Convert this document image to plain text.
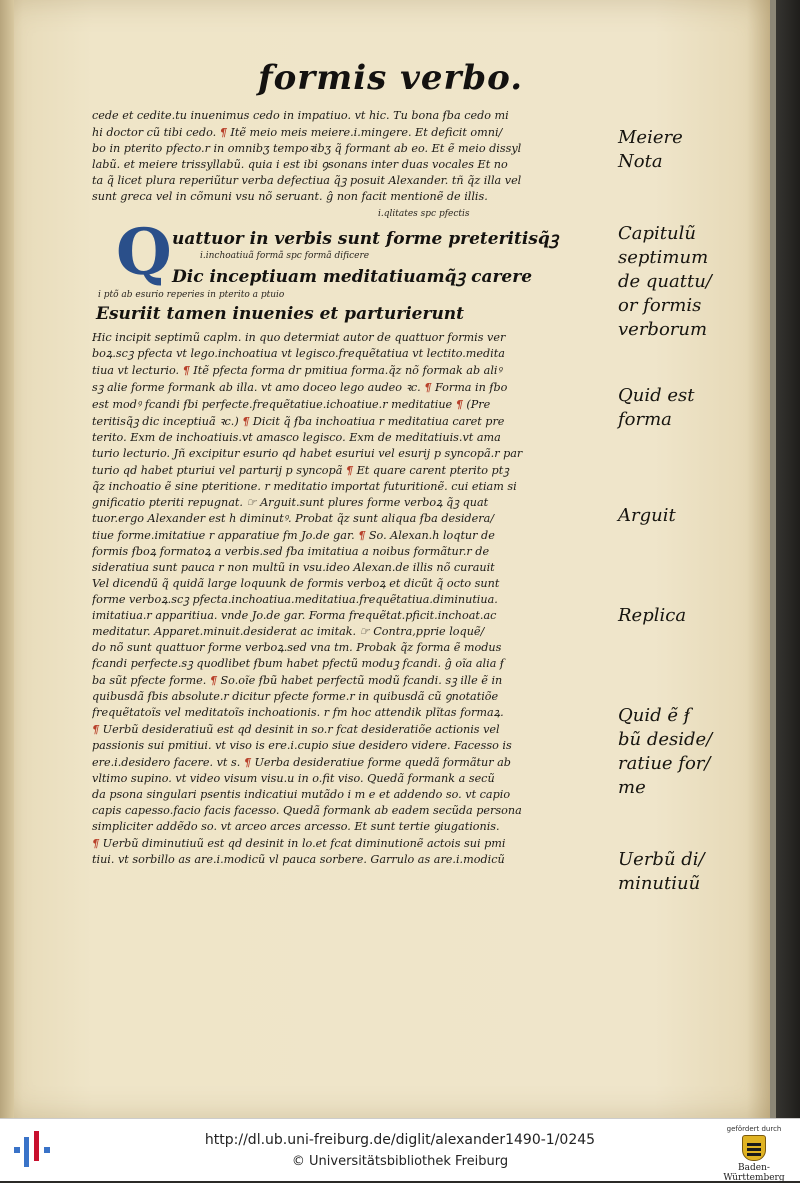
formis verbo.
cede et cedite.tu inuenimus cedo in impatiuo. vt hic. Tu bona ẜba cedo mi
hi doctor cũ tibi cedo. ¶ Itẽ meio meis meiere.i.mingere. Et deficit omni/
bo in pterito pfecto.r in omnibʒ tempoꝛibʒ q̃ formant ab eo. Et ẽ meio dissyl
labũ. et meiere trissyllabũ. quia i est ibi ꝯsonans inter duas vocales Et no
ta q̃ licet plura reperiũtur verba defectiua q̃ꝫ posuit Alexander. tñ q̃z illa vel
sunt greca vel in cõmuni vsu nõ seruant. ĝ non facit mentionẽ de illis.
i.qlitates spc pfectis
Q uattuor in verbis sunt forme preteritisq̃ꝫ
i.inchoatiuã formã spc formã dificere
Dic inceptiuam meditatiuamq̃ꝫ carere
i ptõ ab esurio reperies in pterito a ptuio
Esuriit tamen inuenies et parturierunt
Hic incipit septimũ caplm. in quo determiat autor de quattuor formis ver
boꝝ.scꝫ pfecta vt lego.inchoatiua vt legisco.frequẽtatiua vt lectito.medita
tiua vt lecturio. ¶ Itẽ pfecta forma dr pmitiua forma.q̃z nõ formak ab aliꝰ
sꝫ alie forme formank ab illa. vt amo doceo lego audeo ꝛc. ¶ Forma in ẜbo
est modꝰ fcandi ẜbi perfecte.frequẽtatiue.ichoatiue.r meditatiue ¶ (Pre
teritisq̃ꝫ dic inceptiuã ꝛc.) ¶ Dicit q̃ ẜba inchoatiua r meditatiua caret pre
terito. Exm de inchoatiuis.vt amasco legisco. Exm de meditatiuis.vt ama
turio lecturio. Jñ excipitur esurio qd habet esuriui vel esurij p syncopã.r par
turio qd habet pturiui vel parturij p syncopã ¶ Et quare carent pterito ptꝫ
q̃z inchoatio ẽ sine pteritione. r meditatio importat futuritionẽ. cui etiam si
gnificatio pteriti repugnat. ☞ Arguit.sunt plures forme verboꝝ q̃ꝫ quat
tuor.ergo Alexander est h diminutꝰ. Probat q̃z sunt aliqua ẜba desidera/
tiue forme.imitatiue r apparatiue fm Jo.de gar. ¶ So. Alexan.h loqtur de
formis ẜboꝝ formatoꝝ a verbis.sed ẜba imitatiua a noibus formãtur.r de
sideratiua sunt pauca r non multũ in vsu.ideo Alexan.de illis nõ curauit
Vel dicendũ q̃ quidã large loquunk de formis verboꝝ et dicũt q̃ octo sunt
forme verboꝝ.scꝫ pfecta.inchoatiua.meditatiua.frequẽtatiua.diminutiua.
imitatiua.r apparitiua. vnde Jo.de gar. Forma frequẽtat.pficit.inchoat.ac
meditatur. Apparet.minuit.desiderat ac imitak. ☞ Contra,pprie loquẽ/
do nõ sunt quattuor forme verboꝝ.sed vna tm. Probak q̃z forma ẽ modus
fcandi perfecte.sꝫ quodlibet ẜbum habet pfectũ moduꝫ fcandi. ĝ oĩa alia ẜ
ba sũt pfecte forme. ¶ So.oĩe ẜbũ habet perfectũ modũ fcandi. sꝫ ille ẽ in
quibusdã ẜbis absolute.r dicitur pfecte forme.r in quibusdã cũ ꝯnotatiõe
frequẽtatoĩs vel meditatoĩs inchoationis. r fm hoc attendik plĩtas formaꝝ.
¶ Uerbũ desideratiuũ est qd desinit in so.r fcat desideratiõe actionis vel
passionis sui pmitiui. vt viso is ere.i.cupio siue desidero videre. Facesso is
ere.i.desidero facere. vt s. ¶ Uerba desideratiue forme quedã formãtur ab
vltimo supino. vt video visum visu.u in o.fit viso. Quedã formank a secũ
da psona singulari psentis indicatiui mutãdo i m e et addendo so. vt capio
capis capesso.facio facis facesso. Quedã formank ab eadem secũda persona
simpliciter addẽdo so. vt arceo arces arcesso. Et sunt tertie ꝯiugationis.
¶ Uerbũ diminutiuũ est qd desinit in lo.et fcat diminutionẽ actois sui pmi
tiui. vt sorbillo as are.i.modicũ vl pauca sorbere. Garrulo as are.i.modicũ
Meiere
Nota
Capitulũ
septimum
de quattu/
or formis
verborum
Quid est
forma
Arguit
Replica
Quid ẽ ẜ
bũ deside/
ratiue for/
me
Uerbũ di/
minutiuũ
http://dl.ub.uni-freiburg.de/diglit/alexander1490-1/0245
© Universitätsbibliothek Freiburg
gefördert durch
Baden-Württemberg
